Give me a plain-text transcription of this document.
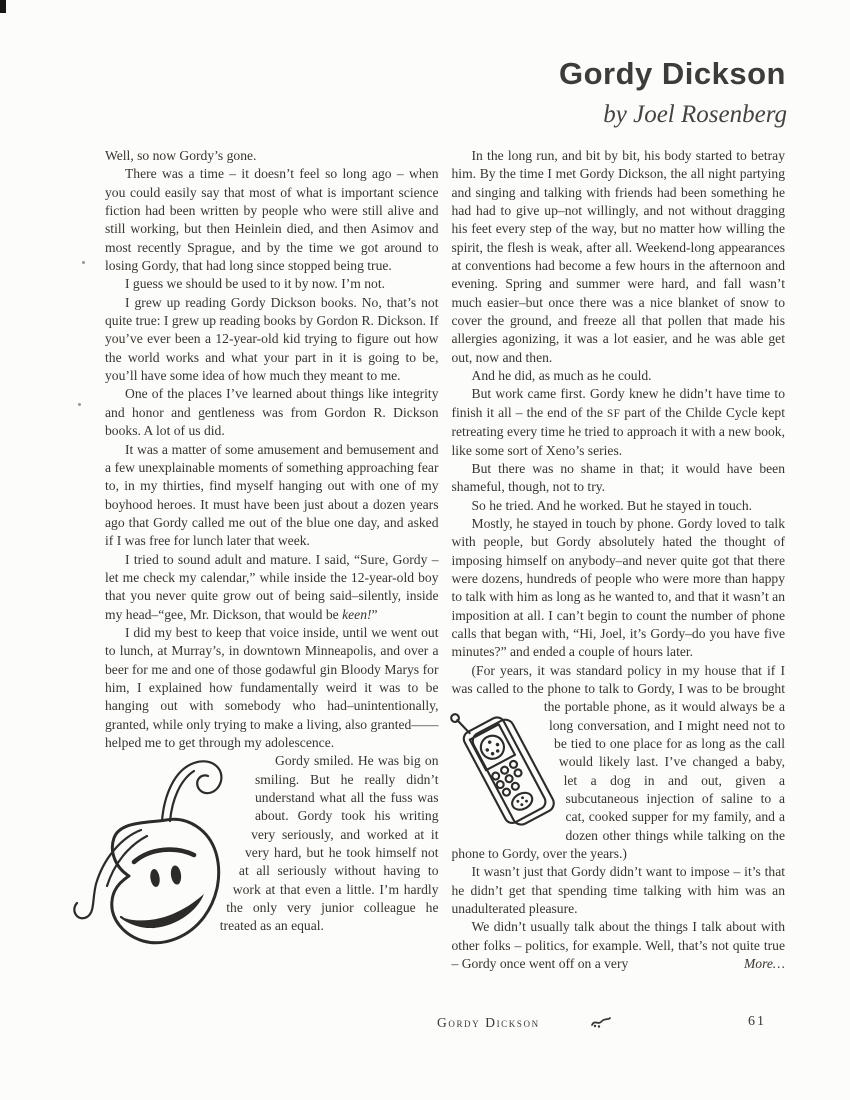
Gordy Dickson
by Joel Rosenberg

Well, so now Gordy’s gone.

There was a time – it doesn’t feel so long ago – when you could easily say that most of what is important science fiction had been written by people who were still alive and still working, but then Heinlein died, and then Asimov and most recently Sprague, and by the time we got around to losing Gordy, that had long since stopped being true.

I guess we should be used to it by now. I’m not.

I grew up reading Gordy Dickson books. No, that’s not quite true: I grew up reading books by Gordon R. Dickson. If you’ve ever been a 12-year-old kid trying to figure out how the world works and what your part in it is going to be, you’ll have some idea of how much they meant to me.

One of the places I’ve learned about things like integrity and honor and gentleness was from Gordon R. Dickson books. A lot of us did.

It was a matter of some amusement and bemusement and a few unexplainable moments of something approaching fear to, in my thirties, find myself hanging out with one of my boyhood heroes. It must have been just about a dozen years ago that Gordy called me out of the blue one day, and asked if I was free for lunch later that week.

I tried to sound adult and mature. I said, “Sure, Gordy –let me check my calendar,” while inside the 12-year-old boy that you never quite grow out of being said–silently, inside my head–“gee, Mr. Dickson, that would be keen!”

I did my best to keep that voice inside, until we went out to lunch, at Murray’s, in downtown Minneapolis, and over a beer for me and one of those godawful gin Bloody Marys for him, I explained how fundamentally weird it was to be hanging out with somebody who had–unintentionally, granted, while only trying to make a living, also granted——helped me to get through my adolescence.

Gordy smiled. He was big on smiling. But he really didn’t understand what all the fuss was about. Gordy took his writing very seriously, and worked at it very hard, but he took himself not at all seriously without having to work at that even a little. I’m hardly the only very junior colleague he treated as an equal.

In the long run, and bit by bit, his body started to betray him. By the time I met Gordy Dickson, the all night partying and singing and talking with friends had been something he had had to give up–not willingly, and not without dragging his feet every step of the way, but no matter how willing the spirit, the flesh is weak, after all. Weekend-long appearances at conventions had become a few hours in the afternoon and evening. Spring and summer were hard, and fall wasn’t much easier–but once there was a nice blanket of snow to cover the ground, and freeze all that pollen that made his allergies agonizing, it was a lot easier, and he was able get out, now and then.

And he did, as much as he could.

But work came first. Gordy knew he didn’t have time to finish it all – the end of the SF part of the Childe Cycle kept retreating every time he tried to approach it with a new book, like some sort of Xeno’s series.

But there was no shame in that; it would have been shameful, though, not to try.

So he tried. And he worked. But he stayed in touch.

Mostly, he stayed in touch by phone. Gordy loved to talk with people, but Gordy absolutely hated the thought of imposing himself on anybody–and never quite got that there were dozens, hundreds of people who were more than happy to talk with him as long as he wanted to, and that it wasn’t an imposition at all. I can’t begin to count the number of phone calls that began with, “Hi, Joel, it’s Gordy–do you have five minutes?” and ended a couple of hours later.

(For years, it was standard policy in my house that if I was called to the phone to talk to Gordy, I was to be
brought the portable phone, as it would always be a long conversation, and I might need not to be tied to one place for as long as the call would likely last. I’ve changed a baby, let a dog in and out, given a subcutaneous injection of saline to a cat, cooked supper for my family, and a dozen other things while talking on the phone to Gordy, over the years.)

It wasn’t just that Gordy didn’t want to impose – it’s that he didn’t get that spending time talking with him was an unadulterated pleasure.

We didn’t usually talk about the things I talk about with other folks – politics, for example. Well, that’s not quite true – Gordy once went off on a very	More…

Gordy Dickson	61
